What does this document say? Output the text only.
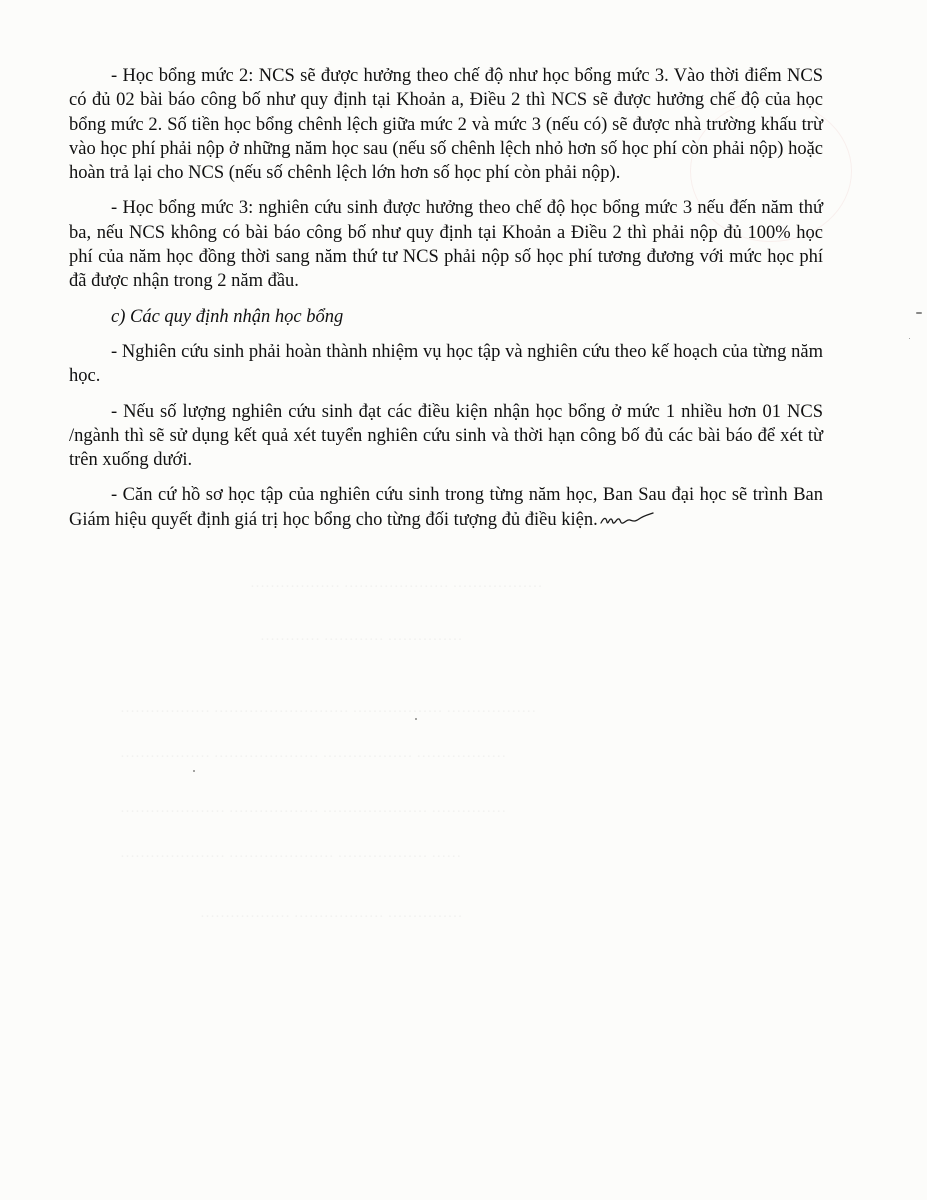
……………… ………………… ………………
………… ………… ……………
……………… ……………………… ……………… ………………
……………… ………………… ……………… ………………
………………… ……………… ………………… ……………
………………… ………………… ……………… ……
……………… ……………… ……………

- Học bổng mức 2: NCS sẽ được hưởng theo chế độ như học bổng mức 3. Vào thời điểm NCS có đủ 02 bài báo công bố như quy định tại Khoản a, Điều 2 thì NCS sẽ được hưởng chế độ của học bổng mức 2. Số tiền học bổng chênh lệch giữa mức 2 và mức 3 (nếu có) sẽ được nhà trường khấu trừ vào học phí phải nộp ở những năm học sau (nếu số chênh lệch nhỏ hơn số học phí còn phải nộp) hoặc hoàn trả lại cho NCS (nếu số chênh lệch lớn hơn số học phí còn phải nộp).

- Học bổng mức 3: nghiên cứu sinh được hưởng theo chế độ học bổng mức 3 nếu đến năm thứ ba, nếu NCS không có bài báo công bố như quy định tại Khoản a Điều 2 thì phải nộp đủ 100% học phí của năm học đồng thời sang năm thứ tư NCS phải nộp số học phí tương đương với mức học phí đã được nhận trong 2 năm đầu.

c) Các quy định nhận học bổng

- Nghiên cứu sinh phải hoàn thành nhiệm vụ học tập và nghiên cứu theo kế hoạch của từng năm học.

- Nếu số lượng nghiên cứu sinh đạt các điều kiện nhận học bổng ở mức 1 nhiều hơn 01 NCS /ngành thì sẽ sử dụng kết quả xét tuyển nghiên cứu sinh và thời hạn công bố đủ các bài báo để xét từ trên xuống dưới.

- Căn cứ hồ sơ học tập của nghiên cứu sinh trong từng năm học, Ban Sau đại học sẽ trình Ban Giám hiệu quyết định giá trị học bổng cho từng đối tượng đủ điều kiện.
